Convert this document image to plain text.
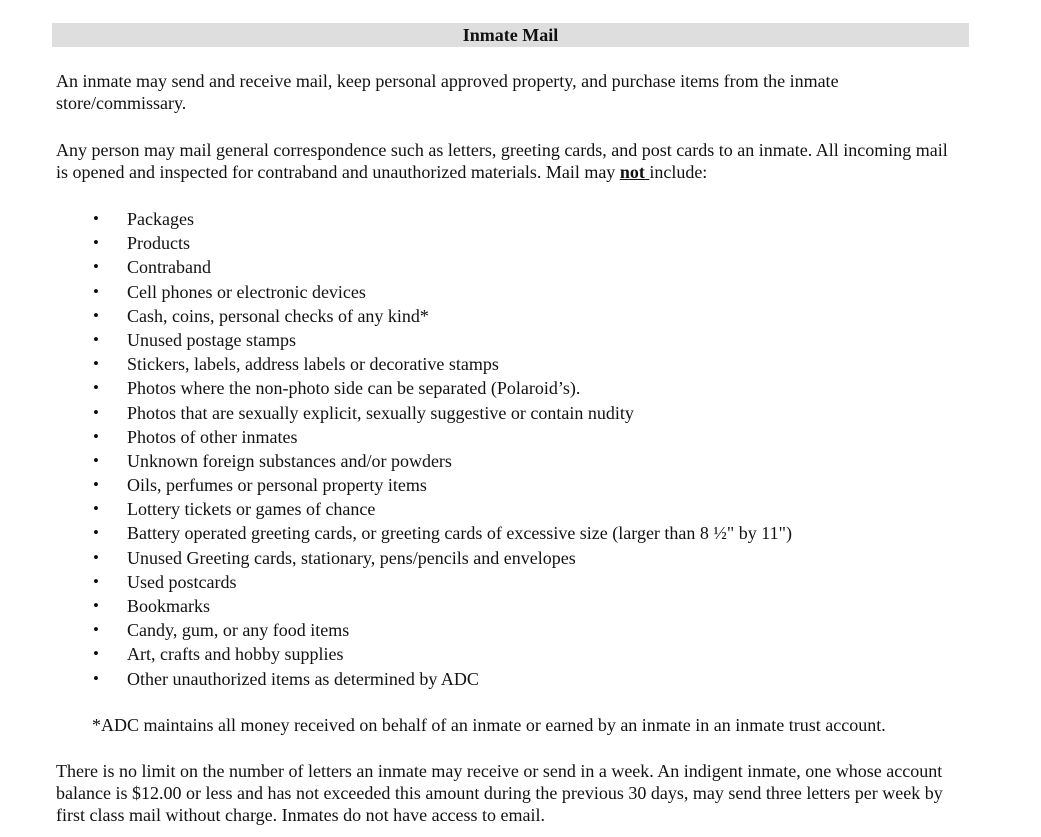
Inmate Mail

An inmate may send and receive mail, keep personal approved property, and purchase items from the inmate store/commissary.

Any person may mail general correspondence such as letters, greeting cards, and post cards to an inmate. All incoming mail is opened and inspected for contraband and unauthorized materials. Mail may not include:

• Packages
• Products
• Contraband
• Cell phones or electronic devices
• Cash, coins, personal checks of any kind*
• Unused postage stamps
• Stickers, labels, address labels or decorative stamps
• Photos where the non-photo side can be separated (Polaroid’s).
• Photos that are sexually explicit, sexually suggestive or contain nudity
• Photos of other inmates
• Unknown foreign substances and/or powders
• Oils, perfumes or personal property items
• Lottery tickets or games of chance
• Battery operated greeting cards, or greeting cards of excessive size (larger than 8 ½" by 11")
• Unused Greeting cards, stationary, pens/pencils and envelopes
• Used postcards
• Bookmarks
• Candy, gum, or any food items
• Art, crafts and hobby supplies
• Other unauthorized items as determined by ADC

*ADC maintains all money received on behalf of an inmate or earned by an inmate in an inmate trust account.

There is no limit on the number of letters an inmate may receive or send in a week. An indigent inmate, one whose account balance is $12.00 or less and has not exceeded this amount during the previous 30 days, may send three letters per week by first class mail without charge. Inmates do not have access to email.
